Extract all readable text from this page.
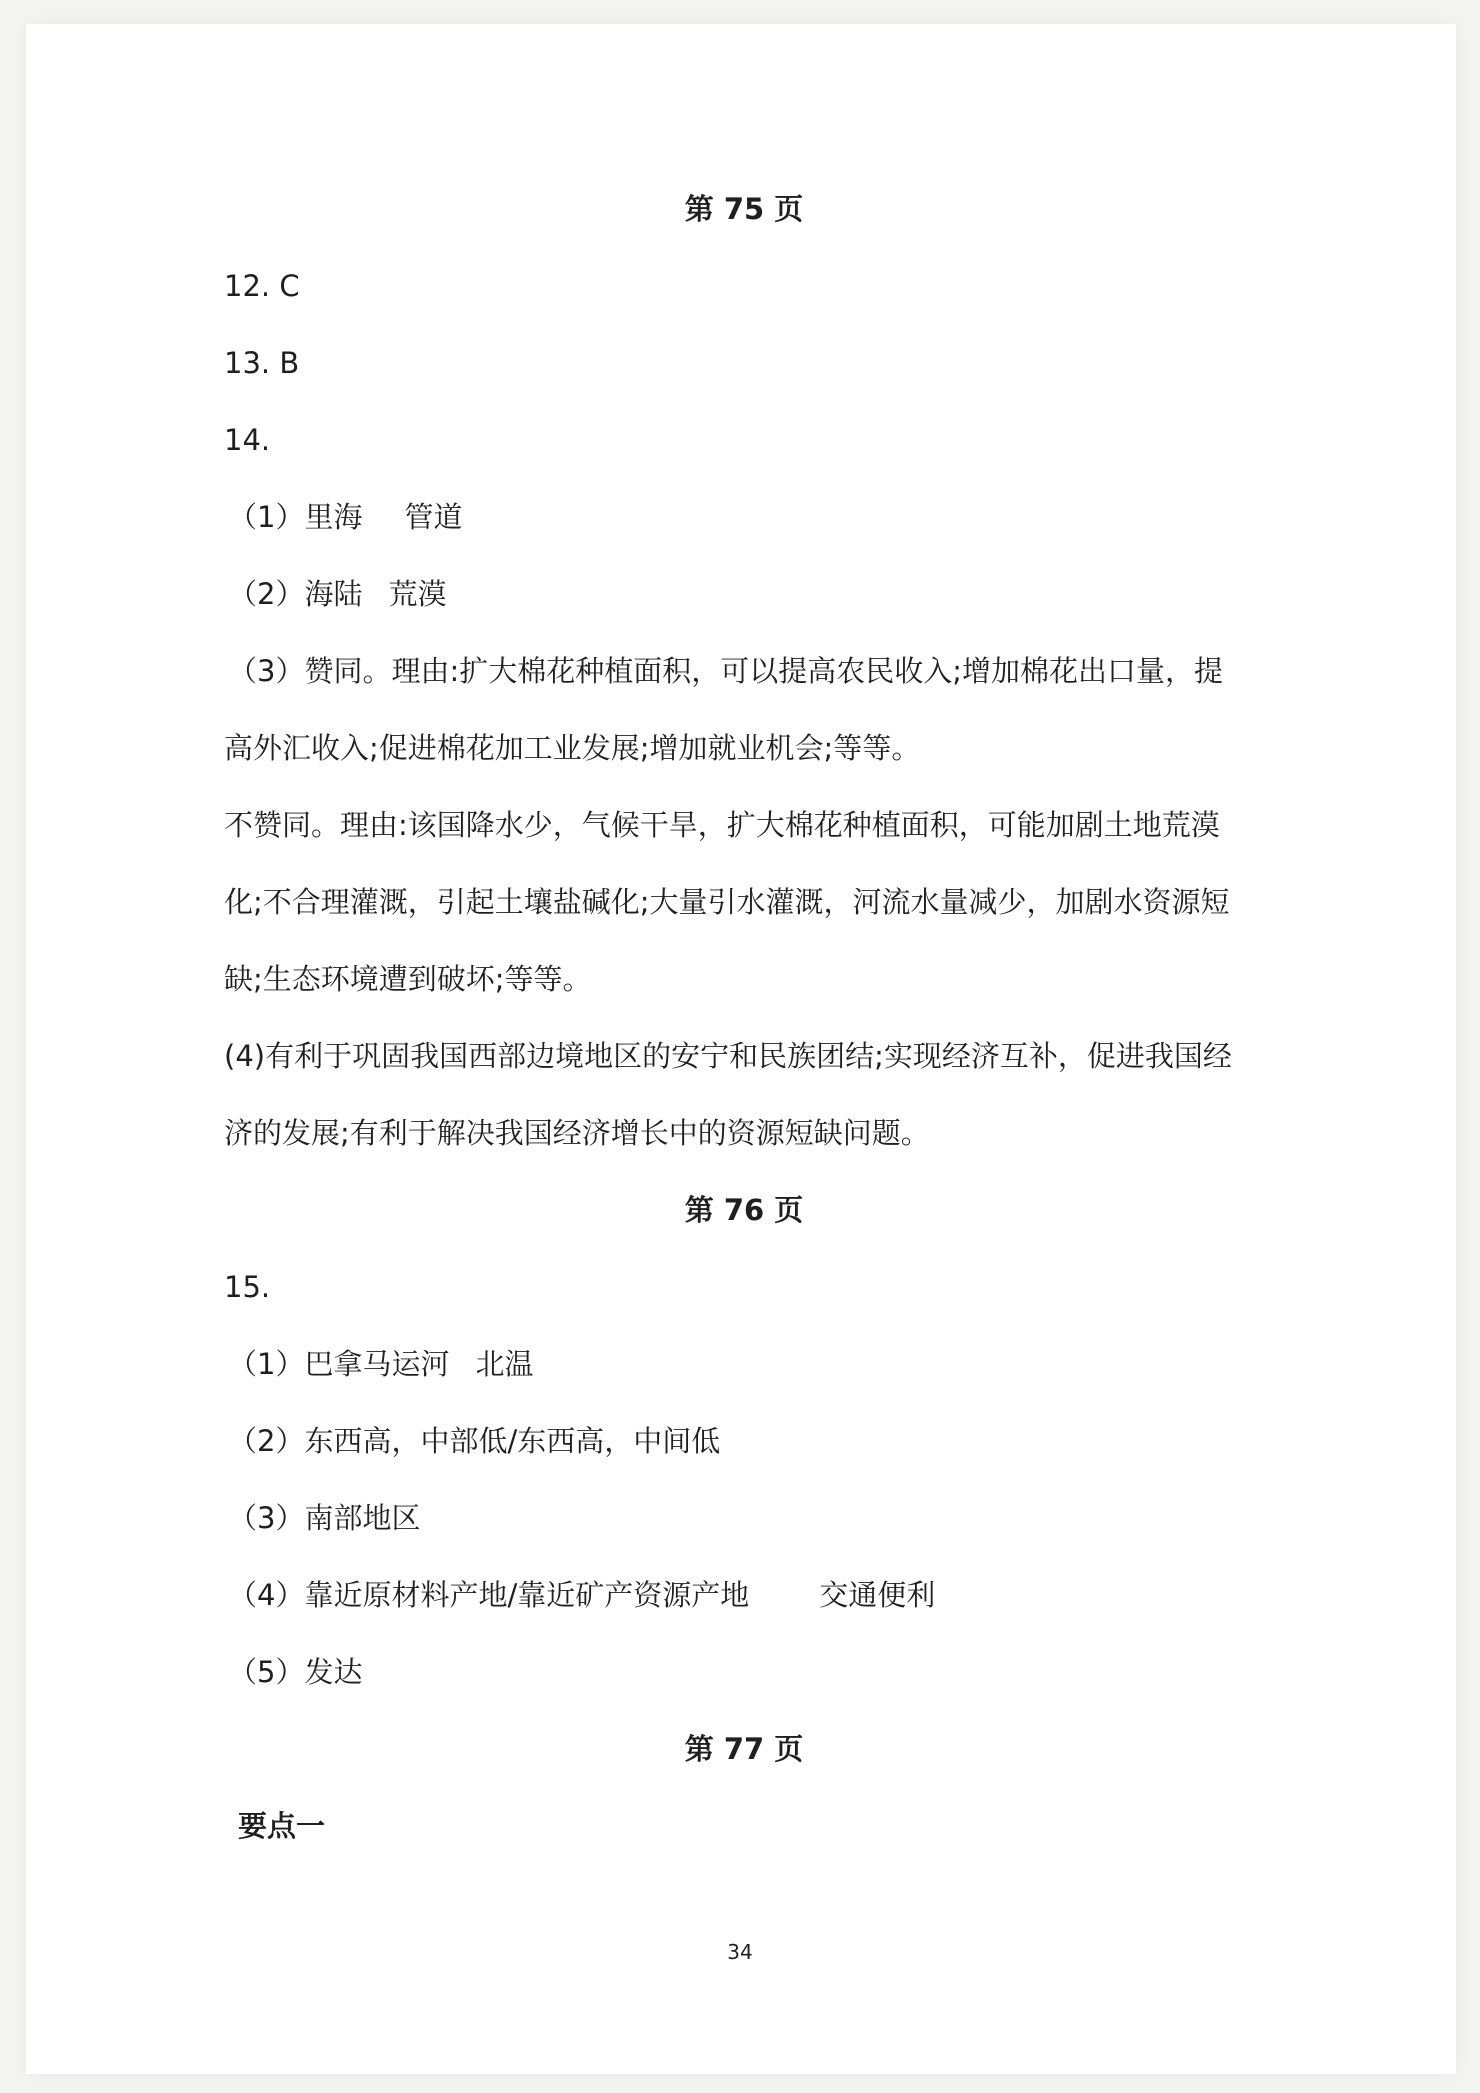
第 75 页
12. C
13. B
14.
（1）里海 管道
（2）海陆 荒漠
（3）赞同。理由:扩大棉花种植面积，可以提高农民收入;增加棉花出口量，提
高外汇收入;促进棉花加工业发展;增加就业机会;等等。
不赞同。理由:该国降水少，气候干旱，扩大棉花种植面积，可能加剧土地荒漠
化;不合理灌溉，引起土壤盐碱化;大量引水灌溉，河流水量减少，加剧水资源短
缺;生态环境遭到破坏;等等。
(4)有利于巩固我国西部边境地区的安宁和民族团结;实现经济互补，促进我国经
济的发展;有利于解决我国经济增长中的资源短缺问题。
第 76 页
15.
（1）巴拿马运河 北温
（2）东西高，中部低/东西高，中间低
（3）南部地区
（4）靠近原材料产地/靠近矿产资源产地 交通便利
（5）发达
第 77 页
要点一
34
